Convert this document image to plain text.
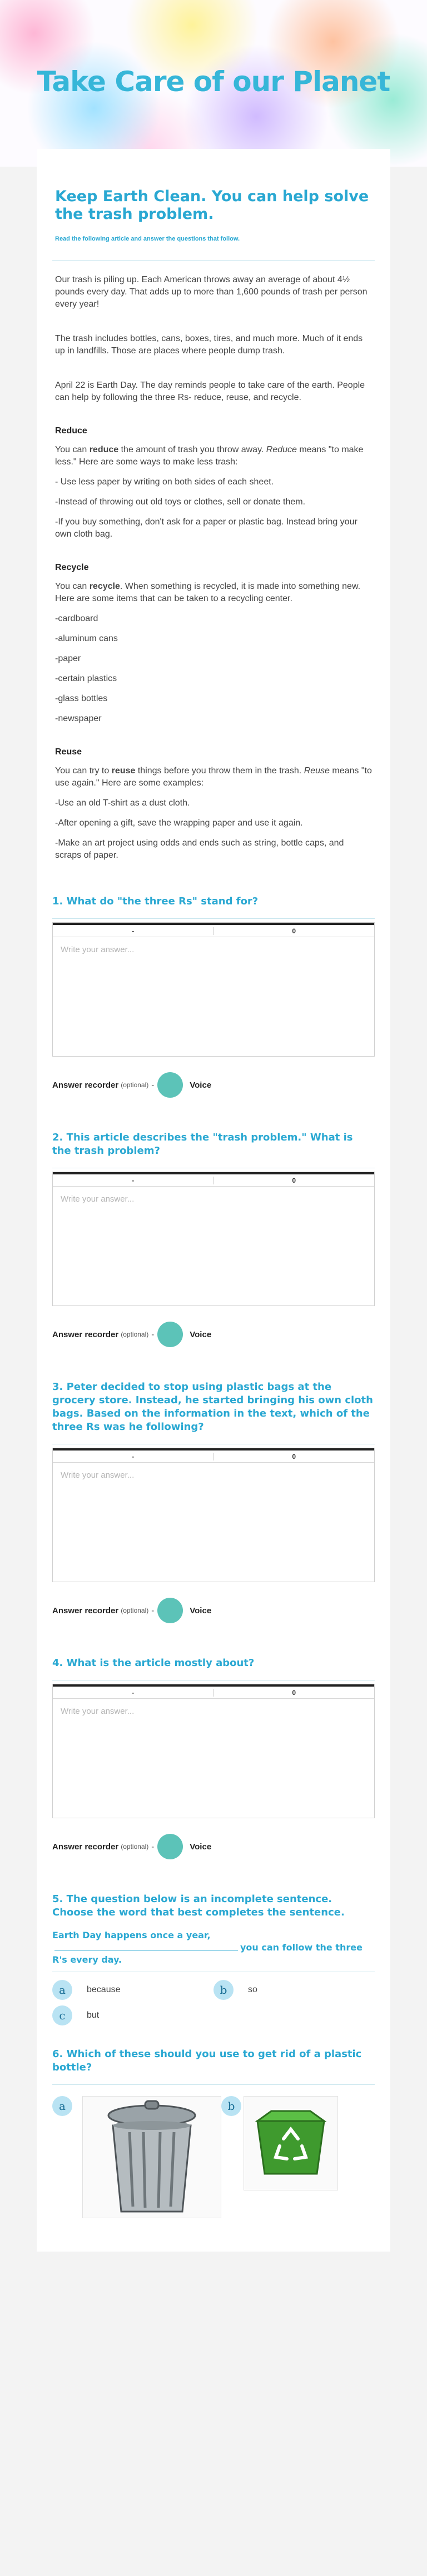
Take Care of our Planet
Keep Earth Clean. You can help solve the trash problem.
Read the following article and answer the questions that follow.

Our trash is piling up. Each American throws away an average of about 4½ pounds every day. That adds up to more than 1,600 pounds of trash per person every year!

The trash includes bottles, cans, boxes, tires, and much more. Much of it ends up in landfills. Those are places where people dump trash.

April 22 is Earth Day. The day reminds people to take care of the earth. People can help by following the three Rs- reduce, reuse, and recycle.

Reduce

You can reduce the amount of trash you throw away. Reduce means "to make less." Here are some ways to make less trash:

- Use less paper by writing on both sides of each sheet.

-Instead of throwing out old toys or clothes, sell or donate them.

-If you buy something, don't ask for a paper or plastic bag. Instead bring your own cloth bag.

Recycle

You can recycle. When something is recycled, it is made into something new. Here are some items that can be taken to a recycling center.

-cardboard

-aluminum cans

-paper

-certain plastics

-glass bottles

-newspaper

Reuse

You can try to reuse things before you throw them in the trash. Reuse means "to use again." Here are some examples:

-Use an old T-shirt as a dust cloth.

-After opening a gift, save the wrapping paper and use it again.

-Make an art project using odds and ends such as string, bottle caps, and scraps of paper.

1. What do "the three Rs" stand for?
-	0
Write your answer...
Answer recorder (optional) -	Voice
2. This article describes the "trash problem." What is the trash problem?
-	0
Write your answer...
Answer recorder (optional) -	Voice
3. Peter decided to stop using plastic bags at the grocery store. Instead, he started bringing his own cloth bags. Based on the information in the text, which of the three Rs was he following?
-	0
Write your answer...
Answer recorder (optional) -	Voice
4. What is the article mostly about?
-	0
Write your answer...
Answer recorder (optional) -	Voice
5. The question below is an incomplete sentence. Choose the word that best completes the sentence.
Earth Day happens once a year,you can follow the three R's every day.
a	because	b	so
c	but
6. Which of these should you use to get rid of a plastic bottle?
a	b
